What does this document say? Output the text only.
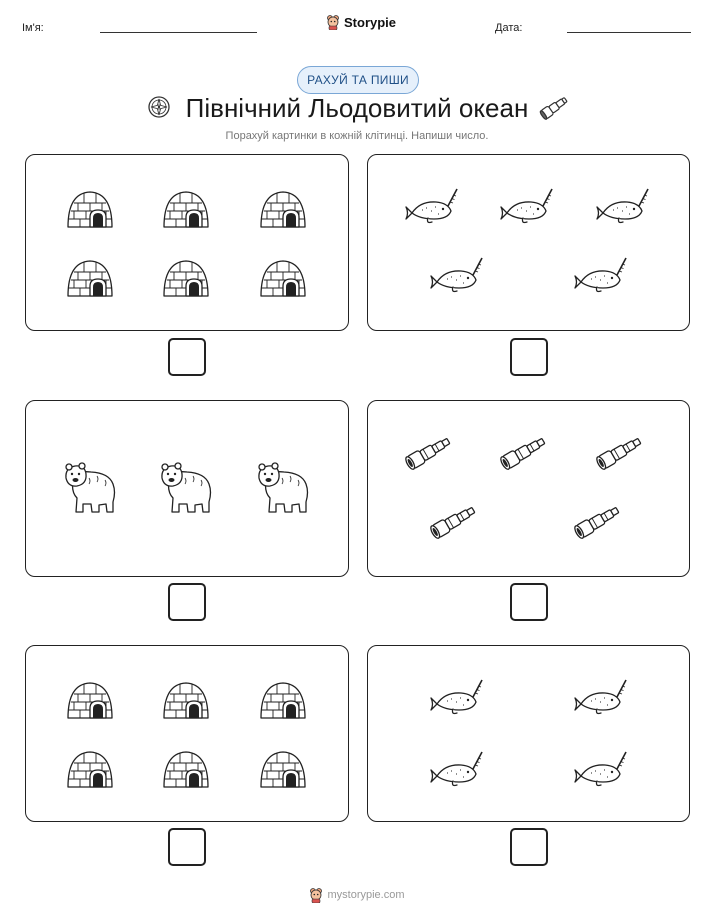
Ім'я:	Storypie	Дата:
РАХУЙ ТА ПИШИ
Північний Льодовитий океан
Порахуй картинки в кожній клітинці. Напиши число.
mystorypie.com
